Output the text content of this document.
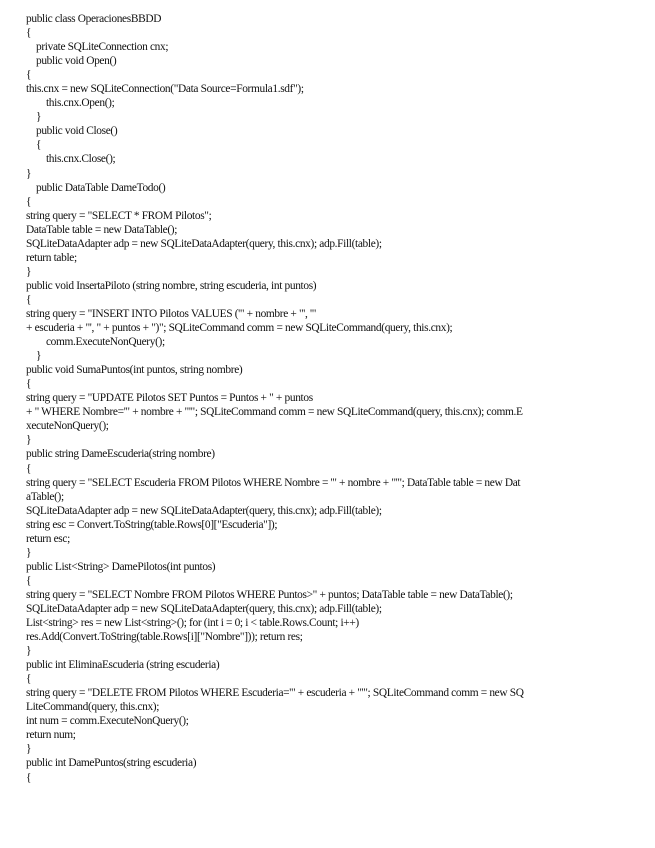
public class OperacionesBBDD
{
private SQLiteConnection cnx;
public void Open()
{
this.cnx = new SQLiteConnection("Data Source=Formula1.sdf");
this.cnx.Open();
}
public void Close()
{
this.cnx.Close();
}
public DataTable DameTodo()
{
string query = "SELECT * FROM Pilotos";
DataTable table = new DataTable();
SQLiteDataAdapter adp = new SQLiteDataAdapter(query, this.cnx); adp.Fill(table);
return table;
}
public void InsertaPiloto (string nombre, string escuderia, int puntos)
{
string query = "INSERT INTO Pilotos VALUES ('" + nombre + "', '"
+ escuderia + "', " + puntos + ")"; SQLiteCommand comm = new SQLiteCommand(query, this.cnx);
comm.ExecuteNonQuery();
}
public void SumaPuntos(int puntos, string nombre)
{
string query = "UPDATE Pilotos SET Puntos = Puntos + " + puntos
+ " WHERE Nombre='" + nombre + "'"; SQLiteCommand comm = new SQLiteCommand(query, this.cnx); comm.E
xecuteNonQuery();
}
public string DameEscuderia(string nombre)
{
string query = "SELECT Escuderia FROM Pilotos WHERE Nombre = '" + nombre + "'"; DataTable table = new Dat
aTable();
SQLiteDataAdapter adp = new SQLiteDataAdapter(query, this.cnx); adp.Fill(table);
string esc = Convert.ToString(table.Rows[0]["Escuderia"]);
return esc;
}
public List<String> DamePilotos(int puntos)
{
string query = "SELECT Nombre FROM Pilotos WHERE Puntos>" + puntos; DataTable table = new DataTable();
SQLiteDataAdapter adp = new SQLiteDataAdapter(query, this.cnx); adp.Fill(table);
List<string> res = new List<string>(); for (int i = 0; i < table.Rows.Count; i++)
res.Add(Convert.ToString(table.Rows[i]["Nombre"])); return res;
}
public int EliminaEscuderia (string escuderia)
{
string query = "DELETE FROM Pilotos WHERE Escuderia='" + escuderia + "'"; SQLiteCommand comm = new SQ
LiteCommand(query, this.cnx);
int num = comm.ExecuteNonQuery();
return num;
}
public int DamePuntos(string escuderia)
{
